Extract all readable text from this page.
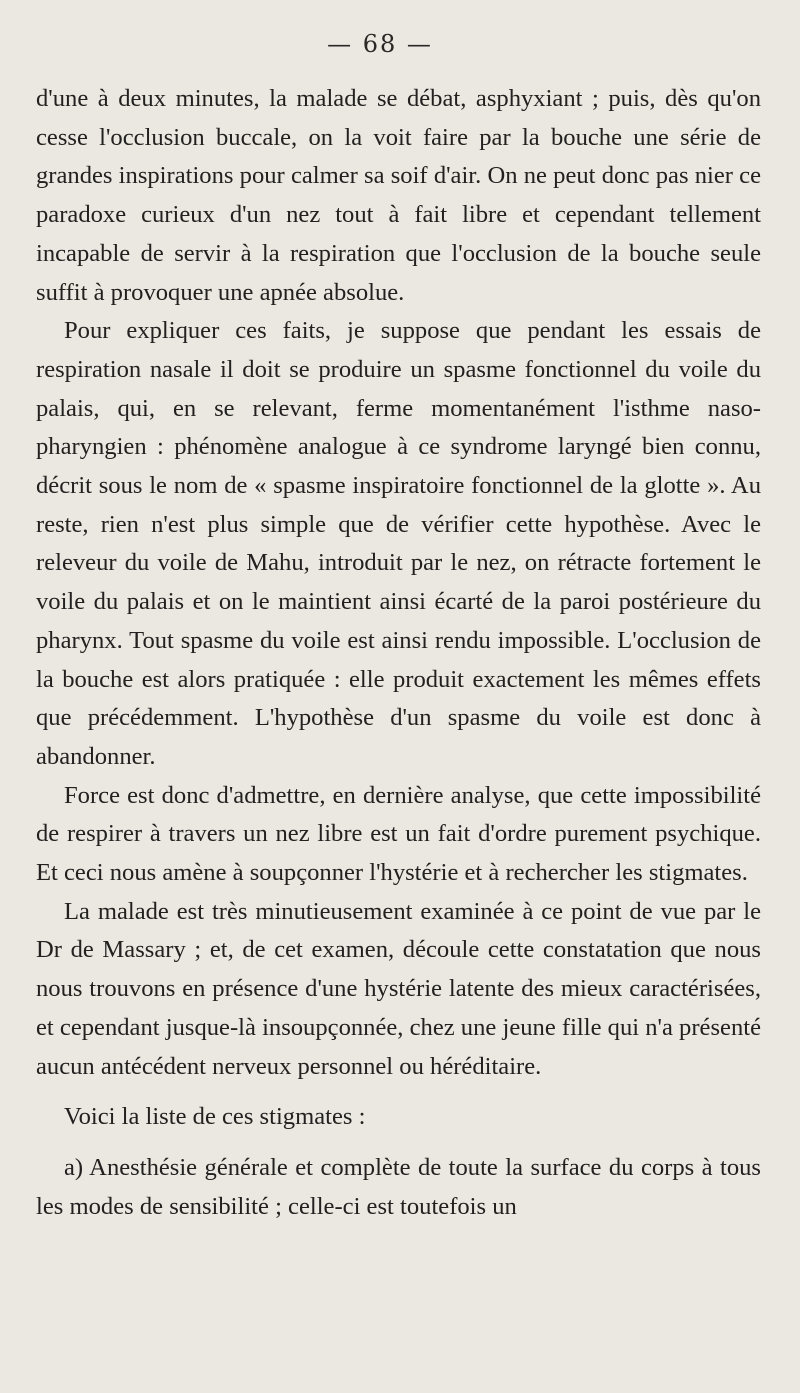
— 68 —

d'une à deux minutes, la malade se débat, asphyxiant ; puis, dès qu'on cesse l'occlusion buccale, on la voit faire par la bouche une série de grandes inspirations pour calmer sa soif d'air. On ne peut donc pas nier ce paradoxe curieux d'un nez tout à fait libre et cependant tellement incapable de servir à la respiration que l'occlusion de la bouche seule suffit à provoquer une apnée absolue.

Pour expliquer ces faits, je suppose que pendant les essais de respiration nasale il doit se produire un spasme fonctionnel du voile du palais, qui, en se relevant, ferme momentanément l'isthme naso-pharyngien : phénomène analogue à ce syndrome laryngé bien connu, décrit sous le nom de « spasme inspiratoire fonctionnel de la glotte ». Au reste, rien n'est plus simple que de vérifier cette hypothèse. Avec le releveur du voile de Mahu, introduit par le nez, on rétracte fortement le voile du palais et on le maintient ainsi écarté de la paroi postérieure du pharynx. Tout spasme du voile est ainsi rendu impossible. L'occlusion de la bouche est alors pratiquée : elle produit exactement les mêmes effets que précédemment. L'hypothèse d'un spasme du voile est donc à abandonner.

Force est donc d'admettre, en dernière analyse, que cette impossibilité de respirer à travers un nez libre est un fait d'ordre purement psychique. Et ceci nous amène à soupçonner l'hystérie et à rechercher les stigmates.

La malade est très minutieusement examinée à ce point de vue par le Dr de Massary ; et, de cet examen, découle cette constatation que nous nous trouvons en présence d'une hystérie latente des mieux caractérisées, et cependant jusque-là insoupçonnée, chez une jeune fille qui n'a présenté aucun antécédent nerveux personnel ou héréditaire.

Voici la liste de ces stigmates :

a) Anesthésie générale et complète de toute la surface du corps à tous les modes de sensibilité ; celle-ci est toutefois un
